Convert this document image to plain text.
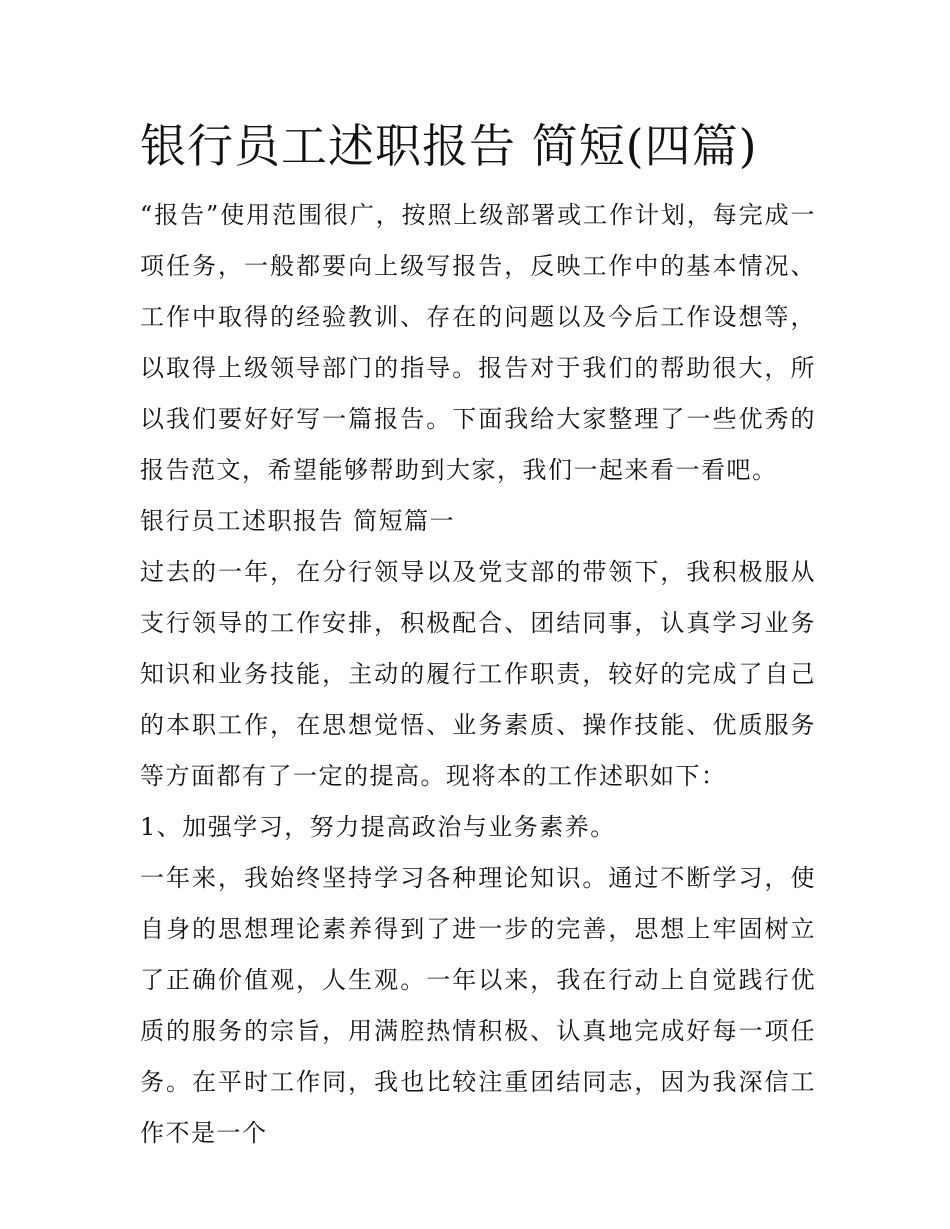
银行员工述职报告 简短(四篇)

“报告”使用范围很广，按照上级部署或工作计划，每完成一项任务，一般都要向上级写报告，反映工作中的基本情况、工作中取得的经验教训、存在的问题以及今后工作设想等，以取得上级领导部门的指导。报告对于我们的帮助很大，所以我们要好好写一篇报告。下面我给大家整理了一些优秀的报告范文，希望能够帮助到大家，我们一起来看一看吧。

银行员工述职报告 简短篇一

过去的一年，在分行领导以及党支部的带领下，我积极服从支行领导的工作安排，积极配合、团结同事，认真学习业务知识和业务技能，主动的履行工作职责，较好的完成了自己的本职工作，在思想觉悟、业务素质、操作技能、优质服务等方面都有了一定的提高。现将本的工作述职如下：

1、加强学习，努力提高政治与业务素养。

一年来，我始终坚持学习各种理论知识。通过不断学习，使自身的思想理论素养得到了进一步的完善，思想上牢固树立了正确价值观，人生观。一年以来，我在行动上自觉践行优质的服务的宗旨，用满腔热情积极、认真地完成好每一项任务。在平时工作同，我也比较注重团结同志，因为我深信工作不是一个
